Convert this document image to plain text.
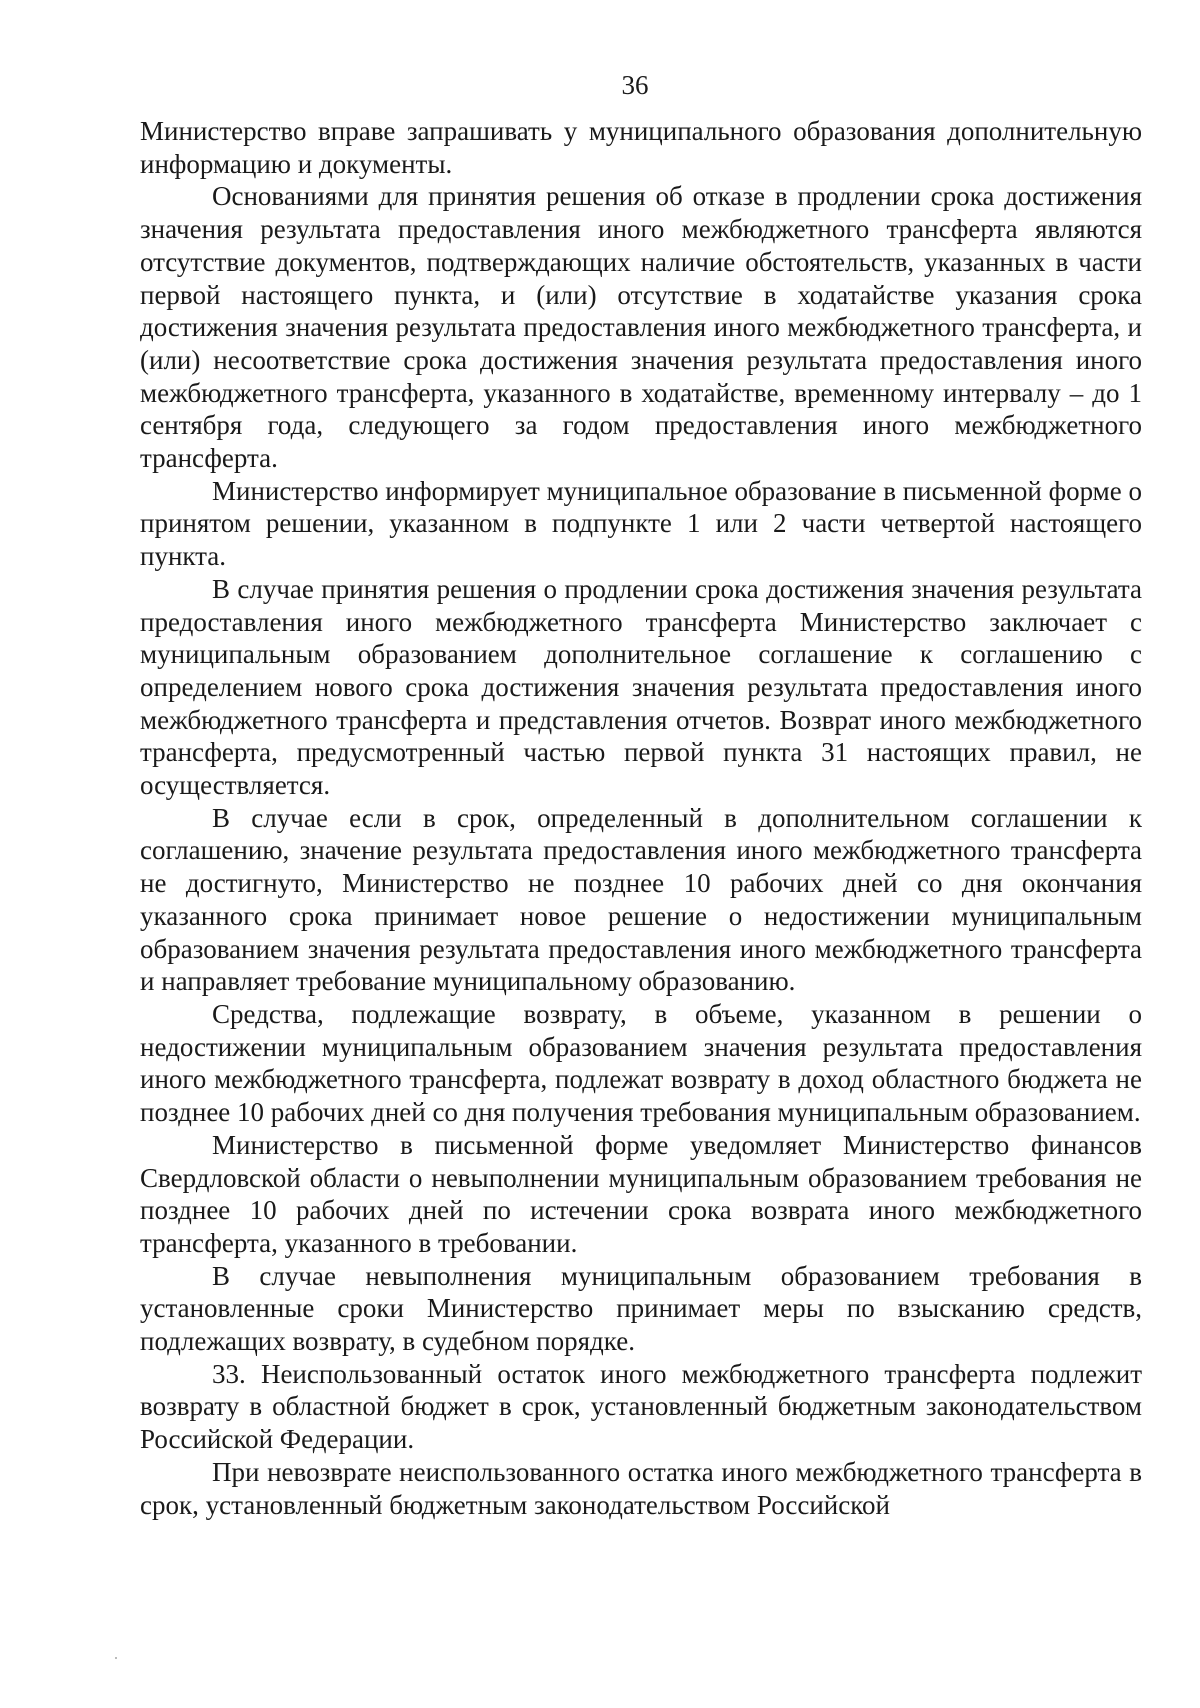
36

Министерство вправе запрашивать у муниципального образования дополнительную информацию и документы.

Основаниями для принятия решения об отказе в продлении срока достижения значения результата предоставления иного межбюджетного трансферта являются отсутствие документов, подтверждающих наличие обстоятельств, указанных в части первой настоящего пункта, и (или) отсутствие в ходатайстве указания срока достижения значения результата предоставления иного межбюджетного трансферта, и (или) несоответствие срока достижения значения результата предоставления иного межбюджетного трансферта, указанного в ходатайстве, временному интервалу – до 1 сентября года, следующего за годом предоставления иного межбюджетного трансферта.

Министерство информирует муниципальное образование в письменной форме о принятом решении, указанном в подпункте 1 или 2 части четвертой настоящего пункта.

В случае принятия решения о продлении срока достижения значения результата предоставления иного межбюджетного трансферта Министерство заключает с муниципальным образованием дополнительное соглашение к соглашению с определением нового срока достижения значения результата предоставления иного межбюджетного трансферта и представления отчетов. Возврат иного межбюджетного трансферта, предусмотренный частью первой пункта 31 настоящих правил, не осуществляется.

В случае если в срок, определенный в дополнительном соглашении к соглашению, значение результата предоставления иного межбюджетного трансферта не достигнуто, Министерство не позднее 10 рабочих дней со дня окончания указанного срока принимает новое решение о недостижении муниципальным образованием значения результата предоставления иного межбюджетного трансферта и направляет требование муниципальному образованию.

Средства, подлежащие возврату, в объеме, указанном в решении о недостижении муниципальным образованием значения результата предоставления иного межбюджетного трансферта, подлежат возврату в доход областного бюджета не позднее 10 рабочих дней со дня получения требования муниципальным образованием.

Министерство в письменной форме уведомляет Министерство финансов Свердловской области о невыполнении муниципальным образованием требования не позднее 10 рабочих дней по истечении срока возврата иного межбюджетного трансферта, указанного в требовании.

В случае невыполнения муниципальным образованием требования в установленные сроки Министерство принимает меры по взысканию средств, подлежащих возврату, в судебном порядке.

33. Неиспользованный остаток иного межбюджетного трансферта подлежит возврату в областной бюджет в срок, установленный бюджетным законодательством Российской Федерации.

При невозврате неиспользованного остатка иного межбюджетного трансферта в срок, установленный бюджетным законодательством Российской
